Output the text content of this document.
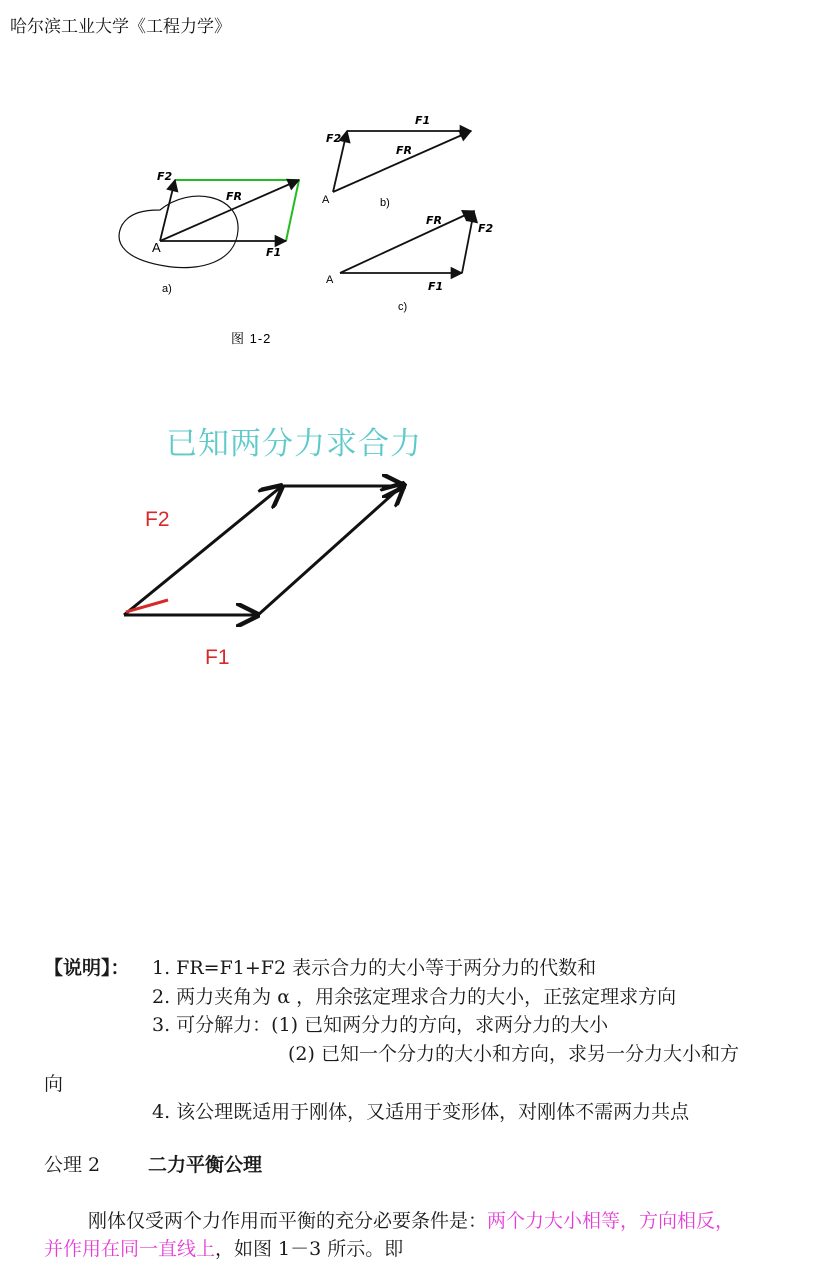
哈尔滨工业大学《工程力学》
F2
FR
A	F1
a)
F2
F1
FR
A	b)
FR
F2
A	F1
c)
图 1-2
已知两分力求合力
F2
F1
【说明】： 1. FR=F1+F2 表示合力的大小等于两分力的代数和
2. 两力夹角为 α ，用余弦定理求合力的大小，正弦定理求方向
3. 可分解力：(1) 已知两分力的方向，求两分力的大小
(2) 已知一个分力的大小和方向，求另一分力大小和方
向
4. 该公理既适用于刚体，又适用于变形体，对刚体不需两力共点
公理 2	二力平衡公理
刚体仅受两个力作用而平衡的充分必要条件是：两个力大小相等，方向相反，
并作用在同一直线上，如图 1－3 所示。即
